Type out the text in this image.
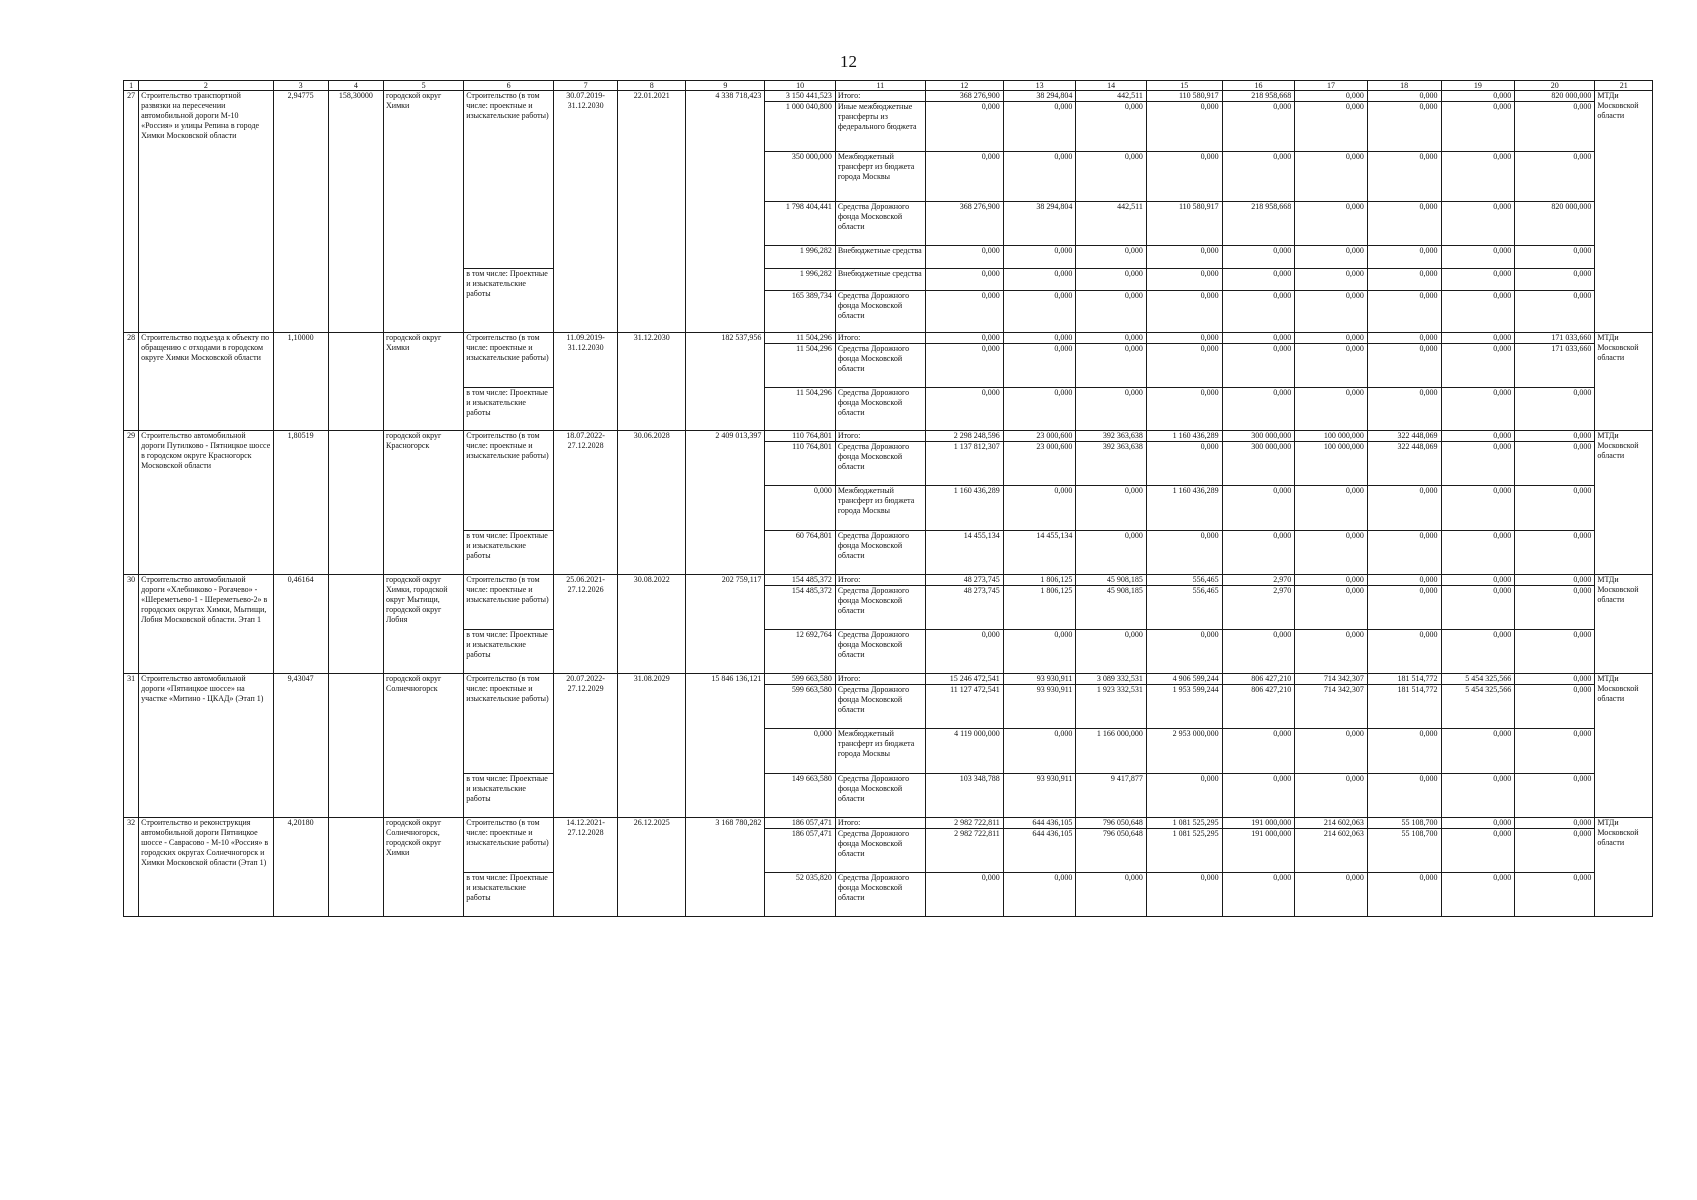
12
1	2	3	4	5	6	7	8	9	10	11	12	13	14	15	16	17	18	19	20	21
27	Строительство транспортной развязки на пересечении автомобильной дороги М-10 «Россия» и улицы Репина в городе Химки Московской области	2,94775	158,30000	городской округ Химки	Строительство (в том числе: проектные и изыскательские работы)	30.07.2019-31.12.2030	22.01.2021	4 338 718,423	3 150 441,523	Итого:	368 276,900	38 294,804	442,511	110 580,917	218 958,668	0,000	0,000	0,000	820 000,000	МТДи Московской области
									1 000 040,800	Иные межбюджетные трансферты из федерального бюджета	0,000	0,000	0,000	0,000	0,000	0,000	0,000	0,000	0,000	
									350 000,000	Межбюджетный трансферт из бюджета города Москвы	0,000	0,000	0,000	0,000	0,000	0,000	0,000	0,000	0,000	
									1 798 404,441	Средства Дорожного фонда Московской области	368 276,900	38 294,804	442,511	110 580,917	218 958,668	0,000	0,000	0,000	820 000,000	
									1 996,282	Внебюджетные средства	0,000	0,000	0,000	0,000	0,000	0,000	0,000	0,000	0,000	
					в том числе: Проектные и изыскательские работы				1 996,282	Внебюджетные средства	0,000	0,000	0,000	0,000	0,000	0,000	0,000	0,000	0,000	
									165 389,734	Средства Дорожного фонда Московской области	0,000	0,000	0,000	0,000	0,000	0,000	0,000	0,000	0,000	
28	Строительство подъезда к объекту по обращению с отходами в городском округе Химки Московской области	1,10000		городской округ Химки	Строительство (в том числе: проектные и изыскательские работы)	11.09.2019-31.12.2030	31.12.2030	182 537,956	11 504,296	Итого:	0,000	0,000	0,000	0,000	0,000	0,000	0,000	0,000	171 033,660	МТДи Московской области
									11 504,296	Средства Дорожного фонда Московской области	0,000	0,000	0,000	0,000	0,000	0,000	0,000	0,000	171 033,660	
					в том числе: Проектные и изыскательские работы				11 504,296	Средства Дорожного фонда Московской области	0,000	0,000	0,000	0,000	0,000	0,000	0,000	0,000	0,000	
29	Строительство автомобильной дороги Путилково - Пятницкое шоссе в городском округе Красногорск Московской области	1,80519		городской округ Красногорск	Строительство (в том числе: проектные и изыскательские работы)	18.07.2022-27.12.2028	30.06.2028	2 409 013,397	110 764,801	Итого:	2 298 248,596	23 000,600	392 363,638	1 160 436,289	300 000,000	100 000,000	322 448,069	0,000	0,000	МТДи Московской области
									110 764,801	Средства Дорожного фонда Московской области	1 137 812,307	23 000,600	392 363,638	0,000	300 000,000	100 000,000	322 448,069	0,000	0,000	
									0,000	Межбюджетный трансферт из бюджета города Москвы	1 160 436,289	0,000	0,000	1 160 436,289	0,000	0,000	0,000	0,000	0,000	
					в том числе: Проектные и изыскательские работы				60 764,801	Средства Дорожного фонда Московской области	14 455,134	14 455,134	0,000	0,000	0,000	0,000	0,000	0,000	0,000	
30	Строительство автомобильной дороги «Хлебниково - Рогачево» - «Шереметьево-1 - Шереметьево-2» в городских округах Химки, Мытищи, Лобня Московской области. Этап 1	0,46164		городской округ Химки, городской округ Мытищи, городской округ Лобня	Строительство (в том числе: проектные и изыскательские работы)	25.06.2021-27.12.2026	30.08.2022	202 759,117	154 485,372	Итого:	48 273,745	1 806,125	45 908,185	556,465	2,970	0,000	0,000	0,000	0,000	МТДи Московской области
									154 485,372	Средства Дорожного фонда Московской области	48 273,745	1 806,125	45 908,185	556,465	2,970	0,000	0,000	0,000	0,000	
					в том числе: Проектные и изыскательские работы				12 692,764	Средства Дорожного фонда Московской области	0,000	0,000	0,000	0,000	0,000	0,000	0,000	0,000	0,000	
31	Строительство автомобильной дороги «Пятницкое шоссе» на участке «Митино - ЦКАД» (Этап 1)	9,43047		городской округ Солнечногорск	Строительство (в том числе: проектные и изыскательские работы)	20.07.2022-27.12.2029	31.08.2029	15 846 136,121	599 663,580	Итого:	15 246 472,541	93 930,911	3 089 332,531	4 906 599,244	806 427,210	714 342,307	181 514,772	5 454 325,566	0,000	МТДи Московской области
									599 663,580	Средства Дорожного фонда Московской области	11 127 472,541	93 930,911	1 923 332,531	1 953 599,244	806 427,210	714 342,307	181 514,772	5 454 325,566	0,000	
									0,000	Межбюджетный трансферт из бюджета города Москвы	4 119 000,000	0,000	1 166 000,000	2 953 000,000	0,000	0,000	0,000	0,000	0,000	
					в том числе: Проектные и изыскательские работы				149 663,580	Средства Дорожного фонда Московской области	103 348,788	93 930,911	9 417,877	0,000	0,000	0,000	0,000	0,000	0,000	
32	Строительство и реконструкция автомобильной дороги Пятницкое шоссе - Саврасово - М-10 «Россия» в городских округах Солнечногорск и Химки Московской области (Этап 1)	4,20180		городской округ Солнечногорск, городской округ Химки	Строительство (в том числе: проектные и изыскательские работы)	14.12.2021-27.12.2028	26.12.2025	3 168 780,282	186 057,471	Итого:	2 982 722,811	644 436,105	796 050,648	1 081 525,295	191 000,000	214 602,063	55 108,700	0,000	0,000	МТДи Московской области
									186 057,471	Средства Дорожного фонда Московской области	2 982 722,811	644 436,105	796 050,648	1 081 525,295	191 000,000	214 602,063	55 108,700	0,000	0,000	
					в том числе: Проектные и изыскательские работы				52 035,820	Средства Дорожного фонда Московской области	0,000	0,000	0,000	0,000	0,000	0,000	0,000	0,000	0,000	
